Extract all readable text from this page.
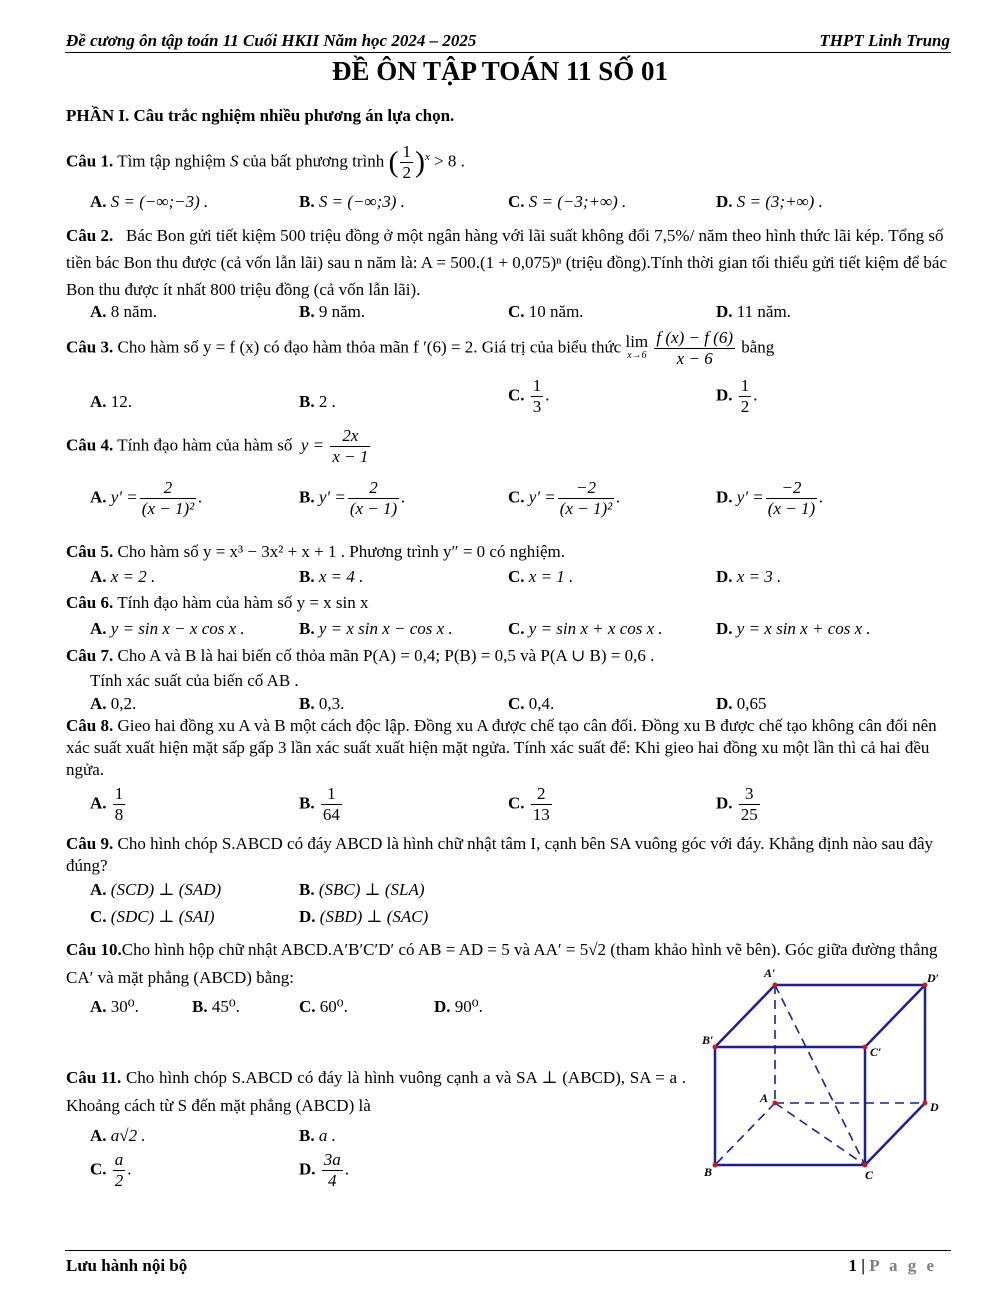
Đề cương ôn tập toán 11 Cuối HKII Năm học 2024 – 2025	THPT Linh Trung
ĐỀ ÔN TẬP TOÁN 11 SỐ 01
PHẦN I. Câu trắc nghiệm nhiều phương án lựa chọn.
Câu 1. Tìm tập nghiệm S của bất phương trình ( $\frac{1}{2} )^x > 8$ .
A. S = (−∞;−3) .	B. S = (−∞;3) .	C. S = (−3;+∞) .	D. S = (3;+∞) .
Câu 2. Bác Bon gửi tiết kiệm 500 triệu đồng ở một ngân hàng với lãi suất không đổi 7,5%/ năm theo hình thức lãi kép. Tổng số tiền bác Bon thu được (cả vốn lẫn lãi) sau n năm là: A = 500.(1 + 0,075)ⁿ (triệu đồng).Tính thời gian tối thiểu gửi tiết kiệm để bác Bon thu được ít nhất 800 triệu đồng (cả vốn lẫn lãi).
A. 8 năm.	B. 9 năm.	C. 10 năm.	D. 11 năm.
Câu 3. Cho hàm số y = f (x) có đạo hàm thỏa mãn f ′(6) = 2. Giá trị của biểu thức lim
x→6
$\frac{f (x) - f (6)}{x - 6}$ bằng
A. 12.	B. 2 .	C. $\frac{1}{3}$ .	D. $\frac{1}{2}$ .
Câu 4. Tính đạo hàm của hàm số $y = \frac{2x}{x - 1}$
A. $y' = \frac{2}{\text{(x − 1)²}}$ .	B. $y' = \frac{2}{(x - 1)}$ .	C. $y' = \frac{-2}{\text{(x − 1)²}}$ .	D. $y' = \frac{-2}{(x - 1)}$ .
Câu 5. Cho hàm số y = x³ − 3x² + x + 1 . Phương trình y″ = 0 có nghiệm.
A. x = 2 .	B. x = 4 .	C. x = 1 .	D. x = 3 .
Câu 6. Tính đạo hàm của hàm số y = x sin x
A. y = sin x − x cos x .	B. y = x sin x − cos x .	C. y = sin x + x cos x .	D. y = x sin x + cos x .
Câu 7. Cho A và B là hai biến cố thỏa mãn P(A) = 0,4; P(B) = 0,5 và P(A ∪ B) = 0,6 .
Tính xác suất của biến cố AB .
A. 0,2.	B. 0,3.	C. 0,4.	D. 0,65
Câu 8. Gieo hai đồng xu A và B một cách độc lập. Đồng xu A được chế tạo cân đối. Đồng xu B được chế tạo không cân đối nên xác suất xuất hiện mặt sấp gấp 3 lần xác suất xuất hiện mặt ngửa. Tính xác suất để: Khi gieo hai đồng xu một lần thì cả hai đều ngửa.
A. $\frac{1}{8}$	B. $\frac{1}{64}$	C. $\frac{2}{13}$	D. $\frac{3}{25}$
Câu 9. Cho hình chóp S.ABCD có đáy ABCD là hình chữ nhật tâm I, cạnh bên SA vuông góc với đáy. Khẳng định nào sau đây đúng?
A. (SCD) ⊥ (SAD)	B. (SBC) ⊥ (SLA)
C. (SDC) ⊥ (SAI)	D. (SBD) ⊥ (SAC)
Câu 10.Cho hình hộp chữ nhật ABCD.A′B′C′D′ có AB = AD = 5 và AA′ = 5√2 (tham khảo hình vẽ bên). Góc giữa đường thẳng CA′ và mặt phẳng (ABCD) bằng:
A. 30⁰.	B. 45⁰.	C. 60⁰.	D. 90⁰.
Câu 11. Cho hình chóp S.ABCD có đáy là hình vuông cạnh a và SA ⊥ (ABCD), SA = a . Khoảng cách từ S đến mặt phẳng (ABCD) là
A. a√2 .	B. a .
C. $\frac{a}{2}$ .	D. $\frac{3a}{4}$ .
A′	D′
B′
C′
A
D
B	C
Lưu hành nội bộ	1 | P a g e
